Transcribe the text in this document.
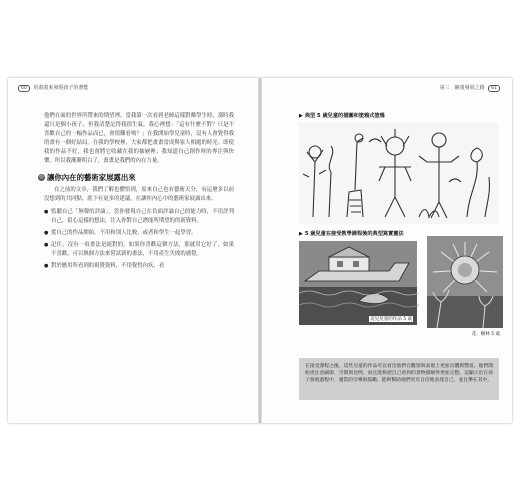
60 用畫畫來發現孩子的潛能

他們在面的世界所帶來的期望裡。當我第一次看到老師這樣對鄰學生時，那時我還只是個小孩子，但我清楚記得我很生氣。我心裡想：「這有什麼不對？只是不喜歡自己的一幅作品而已，會很難看嗎？」在我開始學兒童時，沒有人會覺得我的畫有一個好結局。在我的學校裡，大家都把畫畫當成與家人相處的時光。即使我的作品不好，我也會將它收藏在我的抽屜裡；我知道自己創作時的專注與快樂。所以我漸漸明白了，畫畫是我們的內在力量。

◎ 讓你內在的藝術家展露出來

在之前的文章，我們了解也體悟到，原來自己也有藝術天分，有這麼多以前沒想到的共同點。底下有更多的建議，在讓你內心中的藝術家展露出來。

● 監聽自己「無聲的評論」，當你發現自己在負面評論自己的能力時，不用評判自己，留心這樣的想法，注入你對自己潛能所期望的的新資料。
● 從自己的作品開始，不用和別人比較，或者和學生一起學習。
● 記住，沒有一項畫法是絕對的，如果你喜歡這個方法，那就用它好了，如果不喜歡，可以換個方法來嘗試新的畫法，不用產生失敗的感覺。
● 對於應用所看到的視覺資料，不用覺得內疚，看
第三　繪畫發展之路 61
▶ 典型 5 歲兒童的描圖和塗鴉式塗鴉
▶ 5 歲兒童在接受教學課程後的典型寫實畫法
這兒兒童的作品 5 歲
花．樹林 5 歲

在接受課程之後，這些兒童的作品可以看出他們在觀察與表現上更加具體與豐富。他們開始更注意細節、空間與比例，而且能夠把自己看到的景物描繪得更加完整。這顯示出在孩子發展過程中，適當的引導與鼓勵，能夠幫助他們更有自信地表達自己，並且樂在其中。
